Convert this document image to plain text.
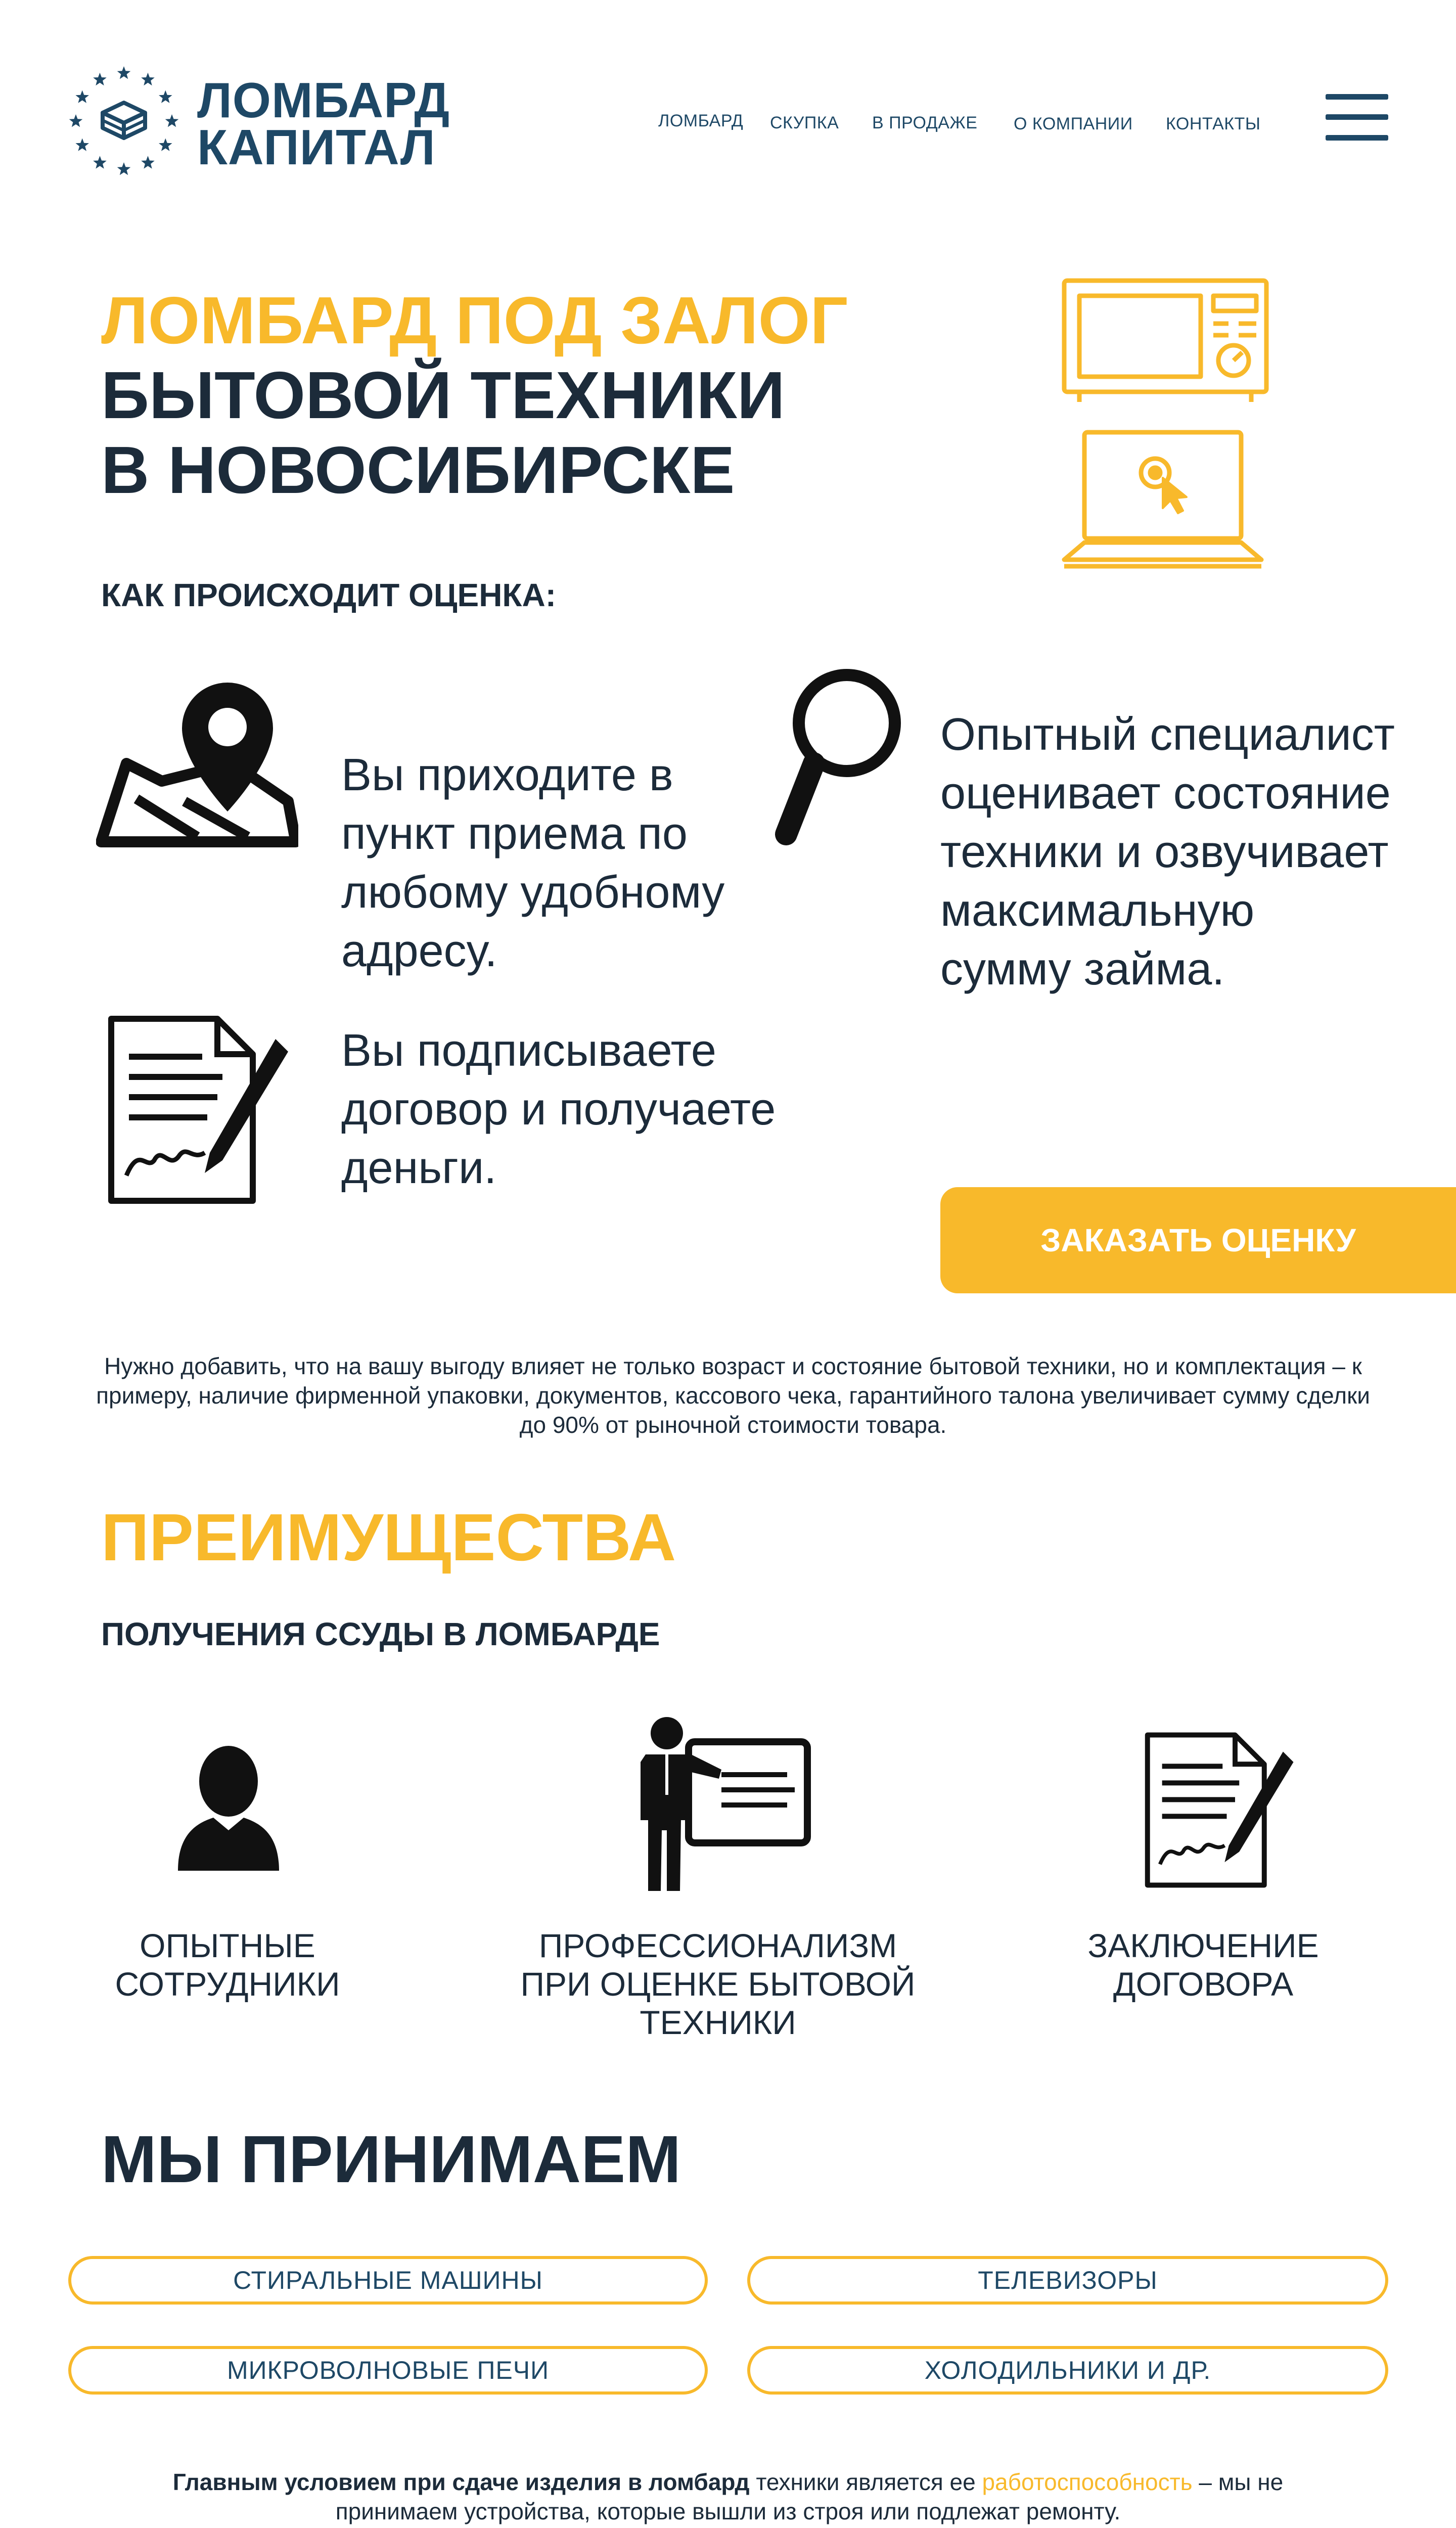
ЛОМБАРД
КАПИТАЛ	ЛОМБАРД СКУПКА В ПРОДАЖЕ О КОМПАНИИ КОНТАКТЫ
ЛОМБАРД ПОД ЗАЛОГ
БЫТОВОЙ ТЕХНИКИ
В НОВОСИБИРСКЕ
КАК ПРОИСХОДИТ ОЦЕНКА:
Вы приходите в пункт приема по любому удобному адресу.
Опытный специалист оценивает состояние техники и озвучивает максимальную сумму займа.
Вы подписываете договор и получаете деньги.
ЗАКАЗАТЬ ОЦЕНКУ
Нужно добавить, что на вашу выгоду влияет не только возраст и состояние бытовой техники, но и комплектация – к примеру, наличие фирменной упаковки, документов, кассового чека, гарантийного талона увеличивает сумму сделки до 90% от рыночной стоимости товара.
ПРЕИМУЩЕСТВА
ПОЛУЧЕНИЯ ССУДЫ В ЛОМБАРДЕ
ОПЫТНЫЕ СОТРУДНИКИ
ПРОФЕССИОНАЛИЗМ ПРИ ОЦЕНКЕ БЫТОВОЙ ТЕХНИКИ
ЗАКЛЮЧЕНИЕ ДОГОВОРА
МЫ ПРИНИМАЕМ
СТИРАЛЬНЫЕ МАШИНЫ	ТЕЛЕВИЗОРЫ
МИКРОВОЛНОВЫЕ ПЕЧИ	ХОЛОДИЛЬНИКИ И ДР.
Главным условием при сдаче изделия в ломбард техники является ее работоспособность – мы не принимаем устройства, которые вышли из строя или подлежат ремонту.
